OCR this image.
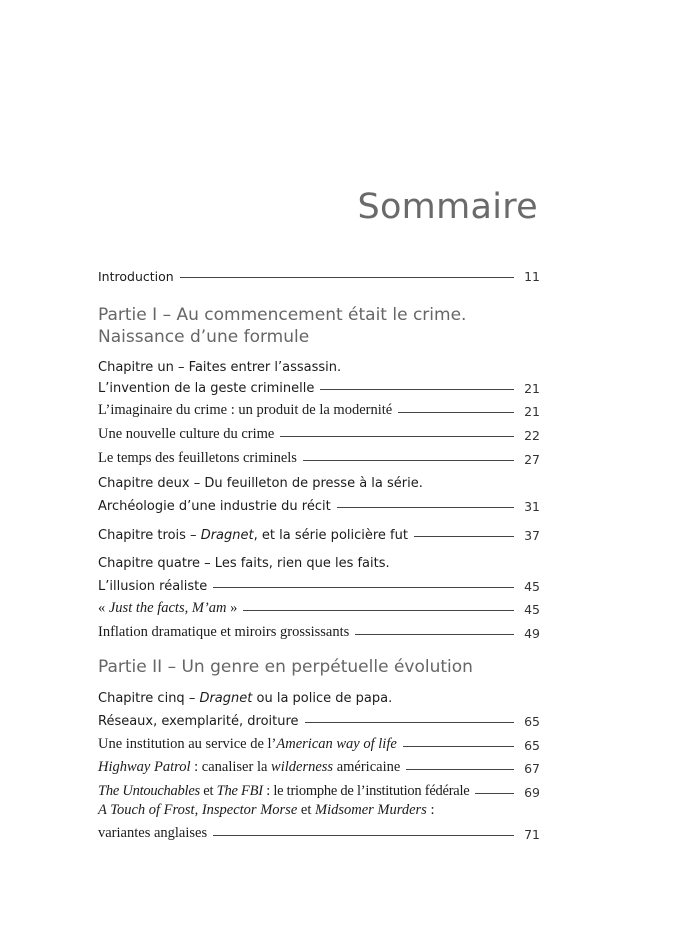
Sommaire
Introduction	11

Partie I – Au commencement était le crime.

Naissance d’une formule

Chapitre un – Faites entrer l’assassin.
L’invention de la geste criminelle	21
L’imaginaire du crime : un produit de la modernité	21
Une nouvelle culture du crime	22
Le temps des feuilletons criminels	27
Chapitre deux – Du feuilleton de presse à la série.
Archéologie d’une industrie du récit	31
Chapitre trois – Dragnet, et la série policière fut	37
Chapitre quatre – Les faits, rien que les faits.
L’illusion réaliste	45
« Just the facts, M’am »	45
Inflation dramatique et miroirs grossissants	49

Partie II – Un genre en perpétuelle évolution

Chapitre cinq – Dragnet ou la police de papa.
Réseaux, exemplarité, droiture	65
Une institution au service de l’American way of life	65
Highway Patrol : canaliser la wilderness américaine	67
The Untouchables et The FBI : le triomphe de l’institution fédérale	69
A Touch of Frost, Inspector Morse et Midsomer Murders :
variantes anglaises	71
